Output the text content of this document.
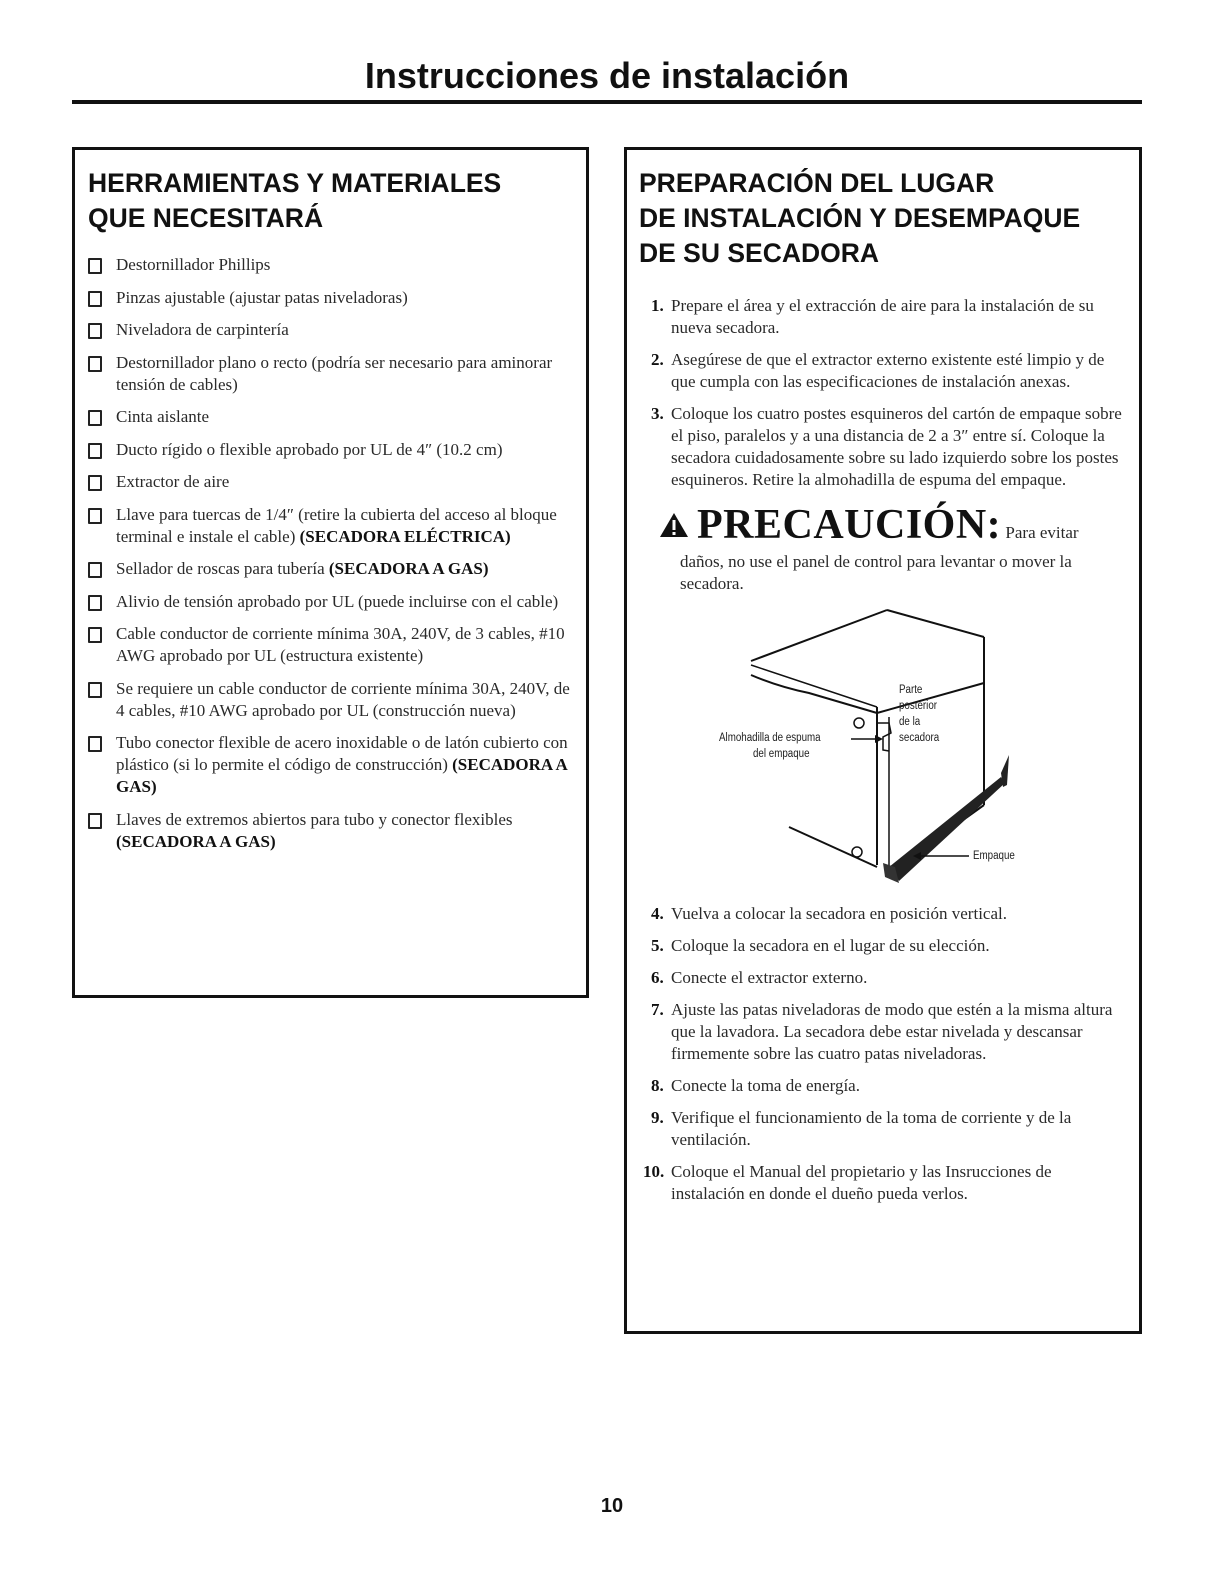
Instrucciones de instalación
HERRAMIENTAS Y MATERIALES
QUE NECESITARÁ
Destornillador Phillips
Pinzas ajustable (ajustar patas niveladoras)
Niveladora de carpintería
Destornillador plano o recto (podría ser necesario para aminorar tensión de cables)
Cinta aislante
Ducto rígido o flexible aprobado por UL de 4″ (10.2 cm)
Extractor de aire
Llave para tuercas de 1/4″ (retire la cubierta del acceso al bloque terminal e instale el cable) (SECADORA ELÉCTRICA)
Sellador de roscas para tubería (SECADORA A GAS)
Alivio de tensión aprobado por UL (puede incluirse con el cable)
Cable conductor de corriente mínima 30A, 240V, de 3 cables, #10 AWG aprobado por UL (estructura existente)
Se requiere un cable conductor de corriente mínima 30A, 240V, de 4 cables, #10 AWG aprobado por UL (construcción nueva)
Tubo conector flexible de acero inoxidable o de latón cubierto con plástico (si lo permite el código de construcción) (SECADORA A GAS)
Llaves de extremos abiertos para tubo y conector flexibles (SECADORA A GAS)
PREPARACIÓN DEL LUGAR
DE INSTALACIÓN Y DESEMPAQUE
DE SU SECADORA
1. Prepare el área y el extracción de aire para la instalación de su nueva secadora.
2. Asegúrese de que el extractor externo existente esté limpio y de que cumpla con las especificaciones de instalación anexas.
3. Coloque los cuatro postes esquineros del cartón de empaque sobre el piso, paralelos y a una distancia de 2 a 3″ entre sí. Coloque la secadora cuidadosamente sobre su lado izquierdo sobre los postes esquineros. Retire la almohadilla de espuma del empaque.
PRECAUCIÓN: Para evitar
daños, no use el panel de control para levantar o mover la secadora.
Parte
posterior
de la
secadora
Almohadilla de espuma
del empaque
Empaque
4. Vuelva a colocar la secadora en posición vertical.
5. Coloque la secadora en el lugar de su elección.
6. Conecte el extractor externo.
7. Ajuste las patas niveladoras de modo que estén a la misma altura que la lavadora. La secadora debe estar nivelada y descansar firmemente sobre las cuatro patas niveladoras.
8. Conecte la toma de energía.
9. Verifique el funcionamiento de la toma de corriente y de la ventilación.
10. Coloque el Manual del propietario y las Insrucciones de instalación en donde el dueño pueda verlos.
10
